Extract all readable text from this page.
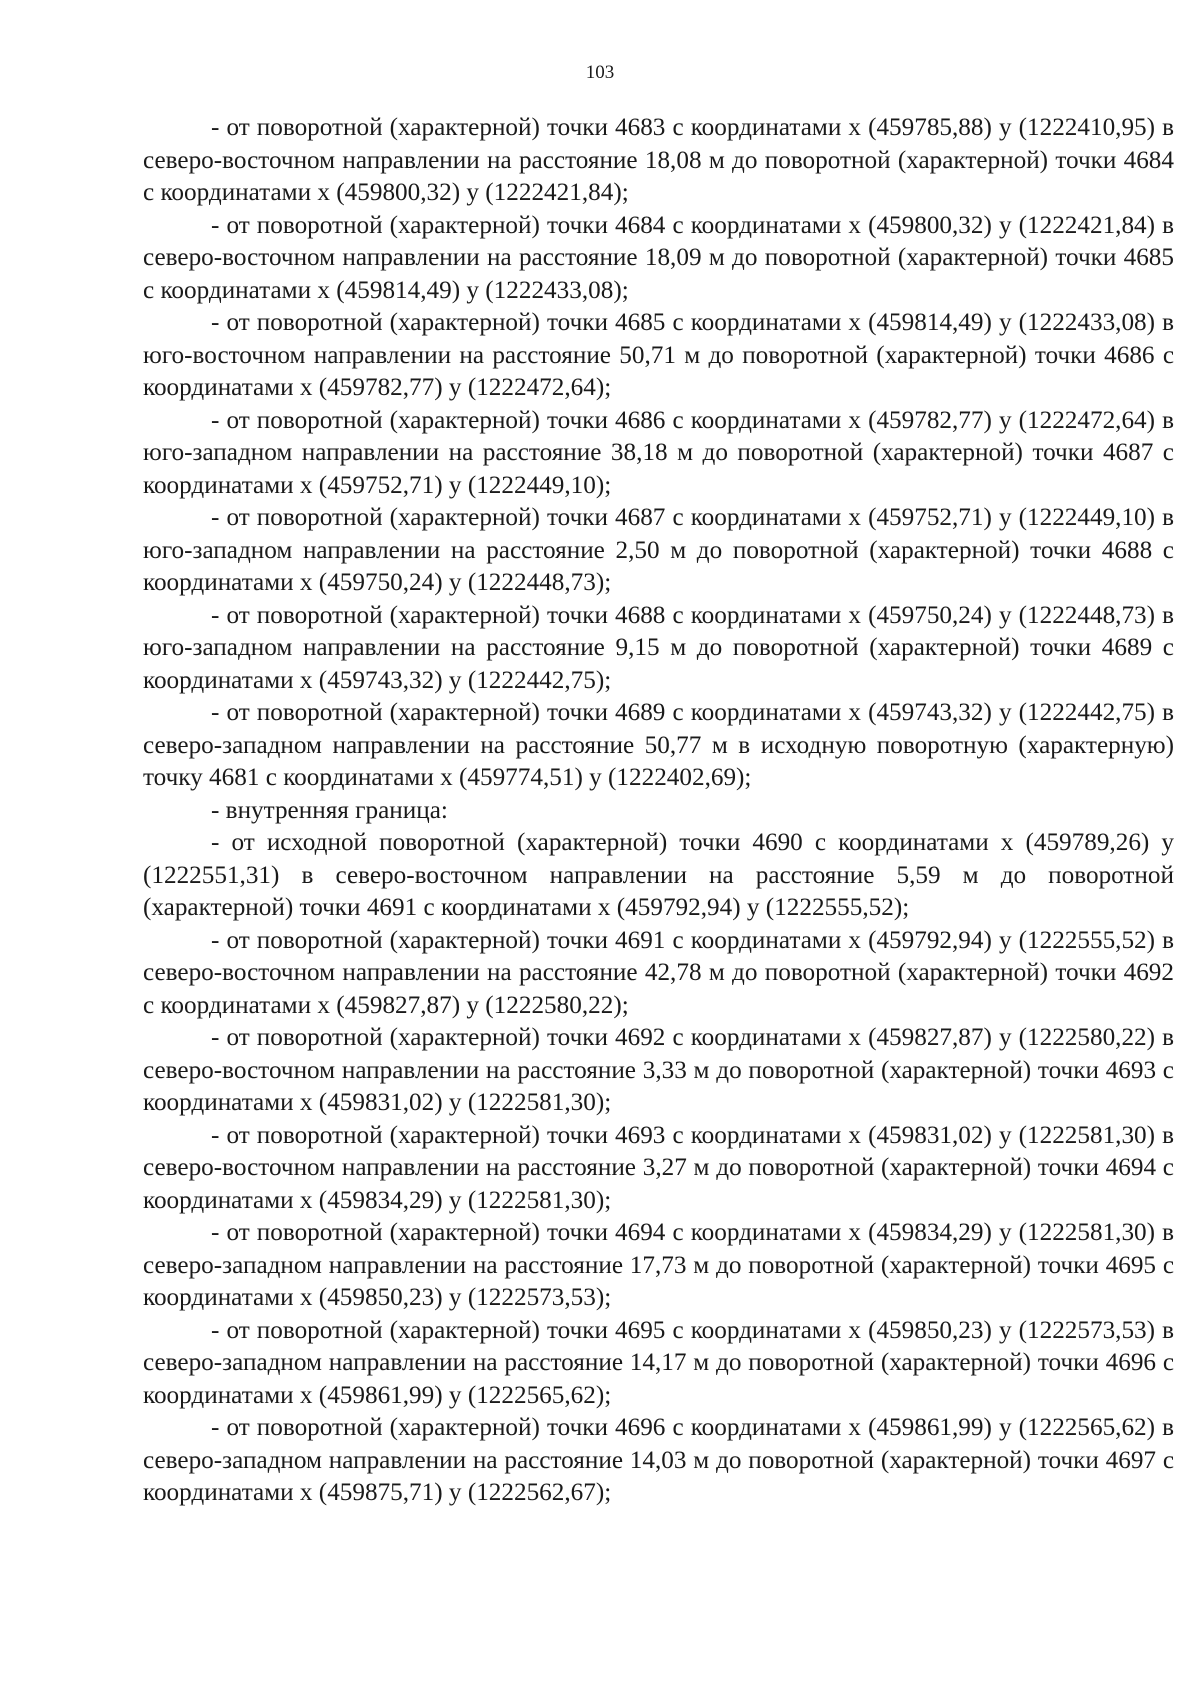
103

- от поворотной (характерной) точки 4683 с координатами х (459785,88) у (1222410,95) в северо-восточном направлении на расстояние 18,08 м до поворотной (характерной) точки 4684 с координатами х (459800,32) у (1222421,84);

- от поворотной (характерной) точки 4684 с координатами х (459800,32) у (1222421,84) в северо-восточном направлении на расстояние 18,09 м до поворотной (характерной) точки 4685 с координатами х (459814,49) у (1222433,08);

- от поворотной (характерной) точки 4685 с координатами х (459814,49) у (1222433,08) в юго-восточном направлении на расстояние 50,71 м до поворотной (характерной) точки 4686 с координатами х (459782,77) у (1222472,64);

- от поворотной (характерной) точки 4686 с координатами х (459782,77) у (1222472,64) в юго-западном направлении на расстояние 38,18 м до поворотной (характерной) точки 4687 с координатами х (459752,71) у (1222449,10);

- от поворотной (характерной) точки 4687 с координатами х (459752,71) у (1222449,10) в юго-западном направлении на расстояние 2,50 м до поворотной (характерной) точки 4688 с координатами х (459750,24) у (1222448,73);

- от поворотной (характерной) точки 4688 с координатами х (459750,24) у (1222448,73) в юго-западном направлении на расстояние 9,15 м до поворотной (характерной) точки 4689 с координатами х (459743,32) у (1222442,75);

- от поворотной (характерной) точки 4689 с координатами х (459743,32) у (1222442,75) в северо-западном направлении на расстояние 50,77 м в исходную поворотную (характерную) точку 4681 с координатами х (459774,51) у (1222402,69);

- внутренняя граница:

- от исходной поворотной (характерной) точки 4690 с координатами х (459789,26) у (1222551,31) в северо-восточном направлении на расстояние 5,59 м до поворотной (характерной) точки 4691 с координатами х (459792,94) у (1222555,52);

- от поворотной (характерной) точки 4691 с координатами х (459792,94) у (1222555,52) в северо-восточном направлении на расстояние 42,78 м до поворотной (характерной) точки 4692 с координатами х (459827,87) у (1222580,22);

- от поворотной (характерной) точки 4692 с координатами х (459827,87) у (1222580,22) в северо-восточном направлении на расстояние 3,33 м до поворотной (характерной) точки 4693 с координатами х (459831,02) у (1222581,30);

- от поворотной (характерной) точки 4693 с координатами х (459831,02) у (1222581,30) в северо-восточном направлении на расстояние 3,27 м до поворотной (характерной) точки 4694 с координатами х (459834,29) у (1222581,30);

- от поворотной (характерной) точки 4694 с координатами х (459834,29) у (1222581,30) в северо-западном направлении на расстояние 17,73 м до поворотной (характерной) точки 4695 с координатами х (459850,23) у (1222573,53);

- от поворотной (характерной) точки 4695 с координатами х (459850,23) у (1222573,53) в северо-западном направлении на расстояние 14,17 м до поворотной (характерной) точки 4696 с координатами х (459861,99) у (1222565,62);

- от поворотной (характерной) точки 4696 с координатами х (459861,99) у (1222565,62) в северо-западном направлении на расстояние 14,03 м до поворотной (характерной) точки 4697 с координатами х (459875,71) у (1222562,67);
